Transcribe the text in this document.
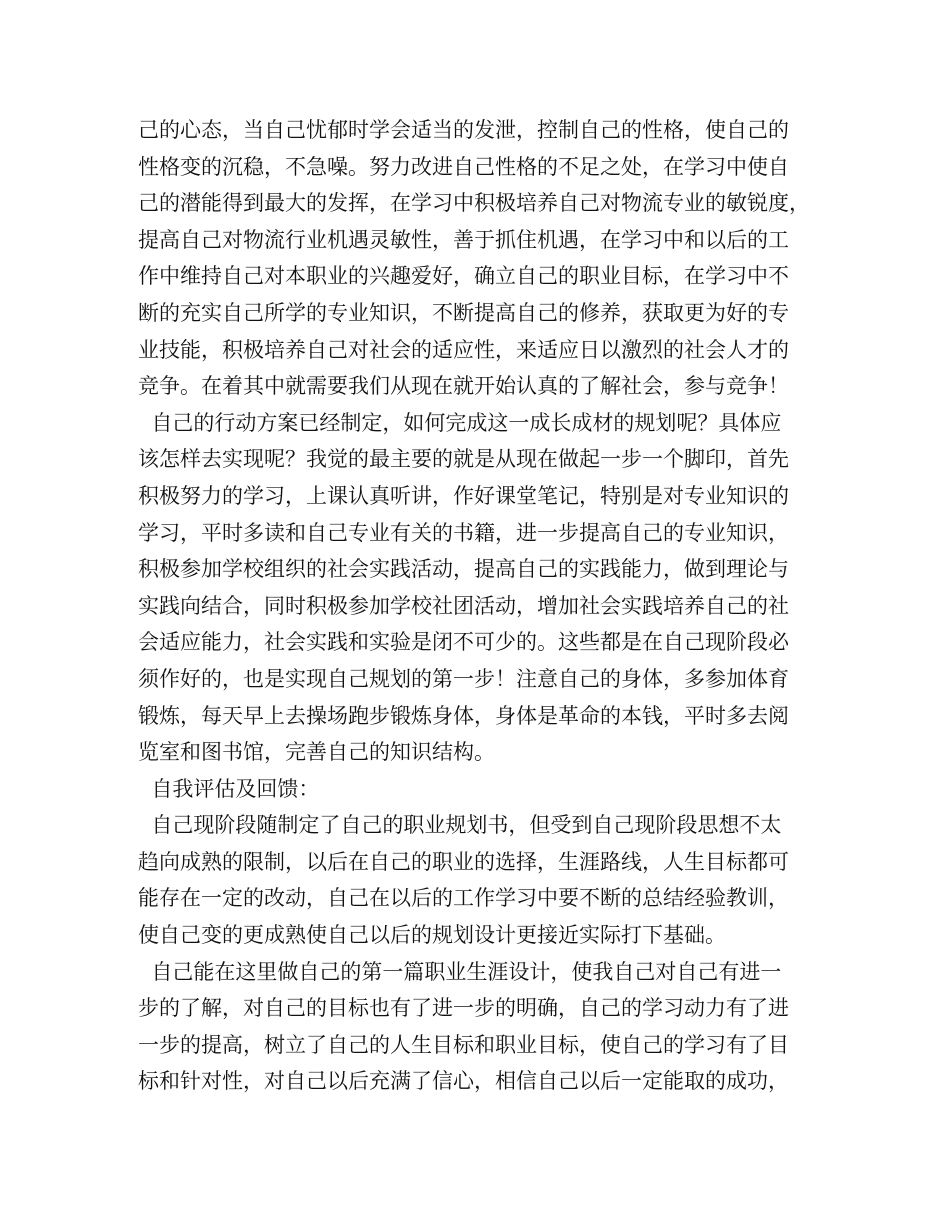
己的心态，当自己忧郁时学会适当的发泄，控制自己的性格，使自己的
性格变的沉稳，不急噪。努力改进自己性格的不足之处，在学习中使自
己的潜能得到最大的发挥，在学习中积极培养自己对物流专业的敏锐度，
提高自己对物流行业机遇灵敏性，善于抓住机遇，在学习中和以后的工
作中维持自己对本职业的兴趣爱好，确立自己的职业目标，在学习中不
断的充实自己所学的专业知识，不断提高自己的修养，获取更为好的专
业技能，积极培养自己对社会的适应性，来适应日以激烈的社会人才的
竞争。在着其中就需要我们从现在就开始认真的了解社会，参与竞争！
自己的行动方案已经制定，如何完成这一成长成材的规划呢？具体应
该怎样去实现呢？我觉的最主要的就是从现在做起一步一个脚印，首先
积极努力的学习，上课认真听讲，作好课堂笔记，特别是对专业知识的
学习，平时多读和自己专业有关的书籍，进一步提高自己的专业知识，
积极参加学校组织的社会实践活动，提高自己的实践能力，做到理论与
实践向结合，同时积极参加学校社团活动，增加社会实践培养自己的社
会适应能力，社会实践和实验是闭不可少的。这些都是在自己现阶段必
须作好的，也是实现自己规划的第一步！注意自己的身体，多参加体育
锻炼，每天早上去操场跑步锻炼身体，身体是革命的本钱，平时多去阅
览室和图书馆，完善自己的知识结构。
自我评估及回馈：
自己现阶段随制定了自己的职业规划书，但受到自己现阶段思想不太
趋向成熟的限制，以后在自己的职业的选择，生涯路线，人生目标都可
能存在一定的改动，自己在以后的工作学习中要不断的总结经验教训，
使自己变的更成熟使自己以后的规划设计更接近实际打下基础。
自己能在这里做自己的第一篇职业生涯设计，使我自己对自己有进一
步的了解，对自己的目标也有了进一步的明确，自己的学习动力有了进
一步的提高，树立了自己的人生目标和职业目标，使自己的学习有了目
标和针对性，对自己以后充满了信心，相信自己以后一定能取的成功，
